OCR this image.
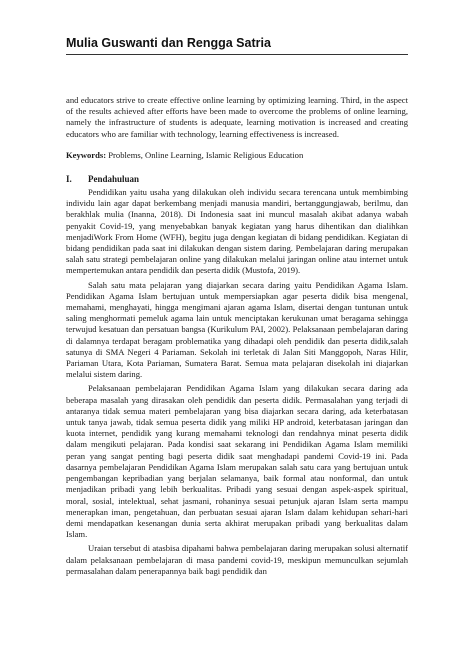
Mulia Guswanti dan Rengga Satria

and educators strive to create effective online learning by optimizing learning. Third, in the aspect of the results achieved after efforts have been made to overcome the problems of online learning, namely the infrastructure of students is adequate, learning motivation is increased and creating educators who are familiar with technology, learning effectiveness is increased.

Keywords: Problems, Online Learning, Islamic Religious Education

I.	Pendahuluan

Pendidikan yaitu usaha yang dilakukan oleh individu secara terencana untuk membimbing individu lain agar dapat berkembang menjadi manusia mandiri, bertanggungjawab, berilmu, dan berakhlak mulia (Inanna, 2018). Di Indonesia saat ini muncul masalah akibat adanya wabah penyakit Covid-19, yang menyebabkan banyak kegiatan yang harus dihentikan dan dialihkan menjadiWork From Home (WFH), begitu juga dengan kegiatan di bidang pendidikan. Kegiatan di bidang pendidikan pada saat ini dilakukan dengan sistem daring. Pembelajaran daring merupakan salah satu strategi pembelajaran online yang dilakukan melalui jaringan online atau internet untuk mempertemukan antara pendidik dan peserta didik (Mustofa, 2019).

Salah satu mata pelajaran yang diajarkan secara daring yaitu Pendidikan Agama Islam. Pendidikan Agama Islam bertujuan untuk mempersiapkan agar peserta didik bisa mengenal, memahami, menghayati, hingga mengimani ajaran agama Islam, disertai dengan tuntunan untuk saling menghormati pemeluk agama lain untuk menciptakan kerukunan umat beragama sehingga terwujud kesatuan dan persatuan bangsa (Kurikulum PAI, 2002). Pelaksanaan pembelajaran daring di dalamnya terdapat beragam problematika yang dihadapi oleh pendidik dan peserta didik,salah satunya di SMA Negeri 4 Pariaman. Sekolah ini terletak di Jalan Siti Manggopoh, Naras Hilir, Pariaman Utara, Kota Pariaman, Sumatera Barat. Semua mata pelajaran disekolah ini diajarkan melalui sistem daring.

Pelaksanaan pembelajaran Pendidikan Agama Islam yang dilakukan secara daring ada beberapa masalah yang dirasakan oleh pendidik dan peserta didik. Permasalahan yang terjadi di antaranya tidak semua materi pembelajaran yang bisa diajarkan secara daring, ada keterbatasan untuk tanya jawab, tidak semua peserta didik yang miliki HP android, keterbatasan jaringan dan kuota internet, pendidik yang kurang memahami teknologi dan rendahnya minat peserta didik dalam mengikuti pelajaran. Pada kondisi saat sekarang ini Pendidikan Agama Islam memiliki peran yang sangat penting bagi peserta didik saat menghadapi pandemi Covid-19 ini. Pada dasarnya pembelajaran Pendidikan Agama Islam merupakan salah satu cara yang bertujuan untuk pengembangan kepribadian yang berjalan selamanya, baik formal atau nonformal, dan untuk menjadikan pribadi yang lebih berkualitas. Pribadi yang sesuai dengan aspek-aspek spiritual, moral, sosial, intelektual, sehat jasmani, rohaninya sesuai petunjuk ajaran Islam serta mampu menerapkan iman, pengetahuan, dan perbuatan sesuai ajaran Islam dalam kehidupan sehari-hari demi mendapatkan kesenangan dunia serta akhirat merupakan pribadi yang berkualitas dalam Islam.

Uraian tersebut di atasbisa dipahami bahwa pembelajaran daring merupakan solusi alternatif dalam pelaksanaan pembelajaran di masa pandemi covid-19, meskipun memunculkan sejumlah permasalahan dalam penerapannya baik bagi pendidik dan
